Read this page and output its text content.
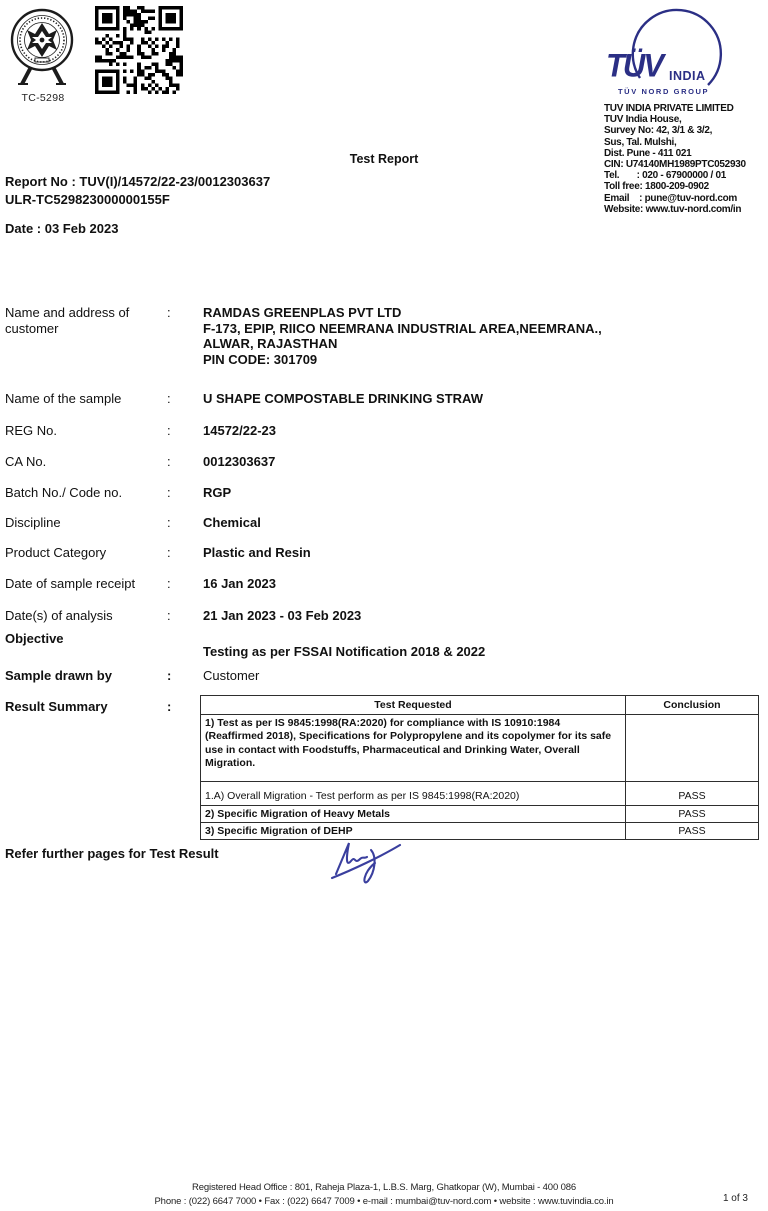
TC-5298
TÜV INDIA
TÜV NORD GROUP
TUV INDIA PRIVATE LIMITED
TUV India House,
Survey No: 42, 3/1 & 3/2,
Sus, Tal. Mulshi,
Dist. Pune - 411 021
CIN: U74140MH1989PTC052930
Tel.       : 020 - 67900000 / 01
Toll free: 1800-209-0902
Email    : pune@tuv-nord.com
Website: www.tuv-nord.com/in
Test Report
Report No : TUV(I)/14572/22-23/0012303637
ULR-TC529823000000155F
Date : 03 Feb 2023
Name and address of
customer
:	RAMDAS GREENPLAS PVT LTD
F-173, EPIP, RIICO NEEMRANA INDUSTRIAL AREA,NEEMRANA.,
ALWAR, RAJASTHAN
PIN CODE: 301709
Name of the sample	:	U SHAPE COMPOSTABLE DRINKING STRAW
REG No.	:	14572/22-23
CA No.	:	0012303637
Batch No./ Code no.	:	RGP
Discipline	:	Chemical
Product Category	:	Plastic and Resin
Date of sample receipt	:	16 Jan 2023
Date(s) of analysis	:	21 Jan 2023 - 03 Feb 2023
Objective
Testing as per FSSAI Notification 2018 & 2022
Sample drawn by	:	Customer
Result Summary	:	Test Requested	Conclusion
1) Test as per IS 9845:1998(RA:2020) for compliance with IS 10910:1984 (Reaffirmed 2018), Specifications for Polypropylene and its copolymer for its safe use in contact with Foodstuffs, Pharmaceutical and Drinking Water, Overall Migration.	
1.A) Overall Migration - Test perform as per IS 9845:1998(RA:2020)	PASS
2) Specific Migration of Heavy Metals	PASS
3) Specific Migration of DEHP	PASS
Refer further pages for Test Result
Registered Head Office : 801, Raheja Plaza-1, L.B.S. Marg, Ghatkopar (W), Mumbai - 400 086
Phone : (022) 6647 7000 • Fax : (022) 6647 7009 • e-mail : mumbai@tuv-nord.com • website : www.tuvindia.co.in	1 of 3
